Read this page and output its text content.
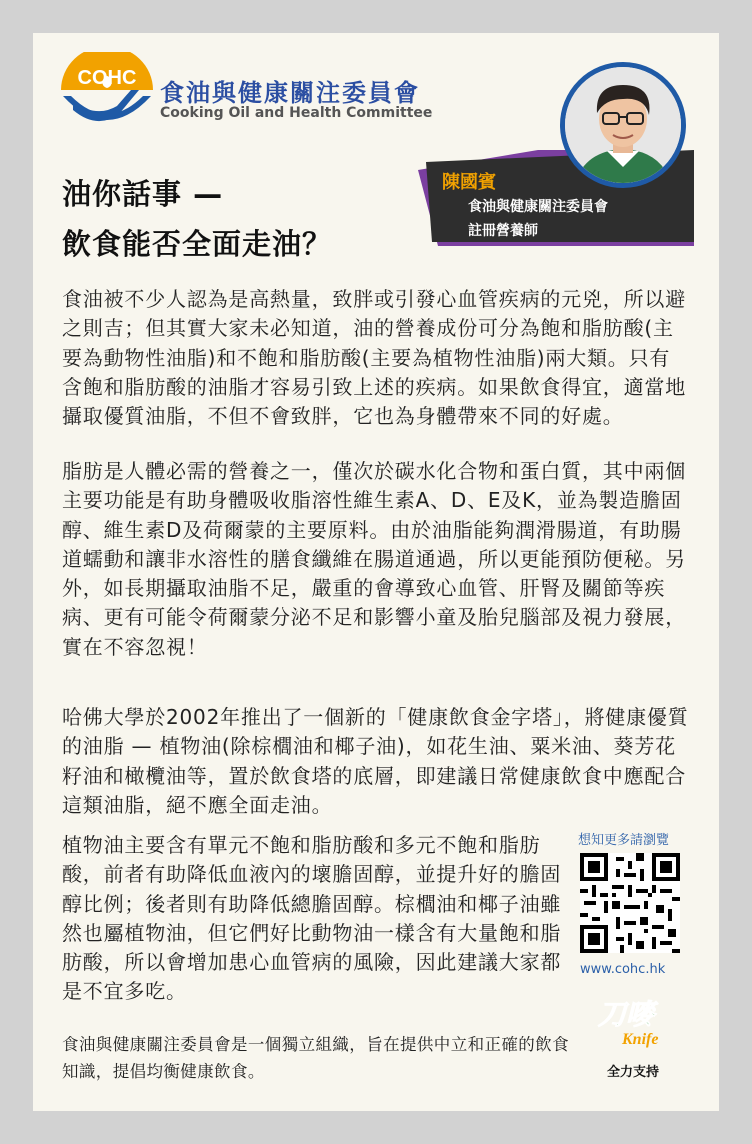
COHC
食油與健康關注委員會
Cooking Oil and Health Committee
陳國賓
食油與健康關注委員會
註冊營養師
油你話事 —
飲食能否全面走油？

食油被不少人認為是高熱量，致胖或引發心血管疾病的元兇，所以避之則吉；但其實大家未必知道，油的營養成份可分為飽和脂肪酸(主要為動物性油脂)和不飽和脂肪酸(主要為植物性油脂)兩大類。只有含飽和脂肪酸的油脂才容易引致上述的疾病。如果飲食得宜，適當地攝取優質油脂，不但不會致胖，它也為身體帶來不同的好處。

脂肪是人體必需的營養之一，僅次於碳水化合物和蛋白質，其中兩個主要功能是有助身體吸收脂溶性維生素A、D、E及K，並為製造膽固醇、維生素D及荷爾蒙的主要原料。由於油脂能夠潤滑腸道，有助腸道蠕動和讓非水溶性的膳食纖維在腸道通過，所以更能預防便秘。另外，如長期攝取油脂不足，嚴重的會導致心血管、肝腎及關節等疾病、更有可能令荷爾蒙分泌不足和影響小童及胎兒腦部及視力發展，實在不容忽視！

哈佛大學於2002年推出了一個新的「健康飲食金字塔」，將健康優質的油脂 — 植物油(除棕櫚油和椰子油)，如花生油、粟米油、葵芳花籽油和橄欖油等，置於飲食塔的底層，即建議日常健康飲食中應配合這類油脂，絕不應全面走油。

植物油主要含有單元不飽和脂肪酸和多元不飽和脂肪酸，前者有助降低血液內的壞膽固醇，並提升好的膽固醇比例；後者則有助降低總膽固醇。棕櫚油和椰子油雖然也屬植物油，但它們好比動物油一樣含有大量飽和脂肪酸，所以會增加患心血管病的風險，因此建議大家都是不宜多吃。

食油與健康關注委員會是一個獨立組織，旨在提供中立和正確的飲食知識，提倡均衡健康飲食。

想知更多請瀏覽
www.cohc.hk
刀嘜
Knife
全力支持
